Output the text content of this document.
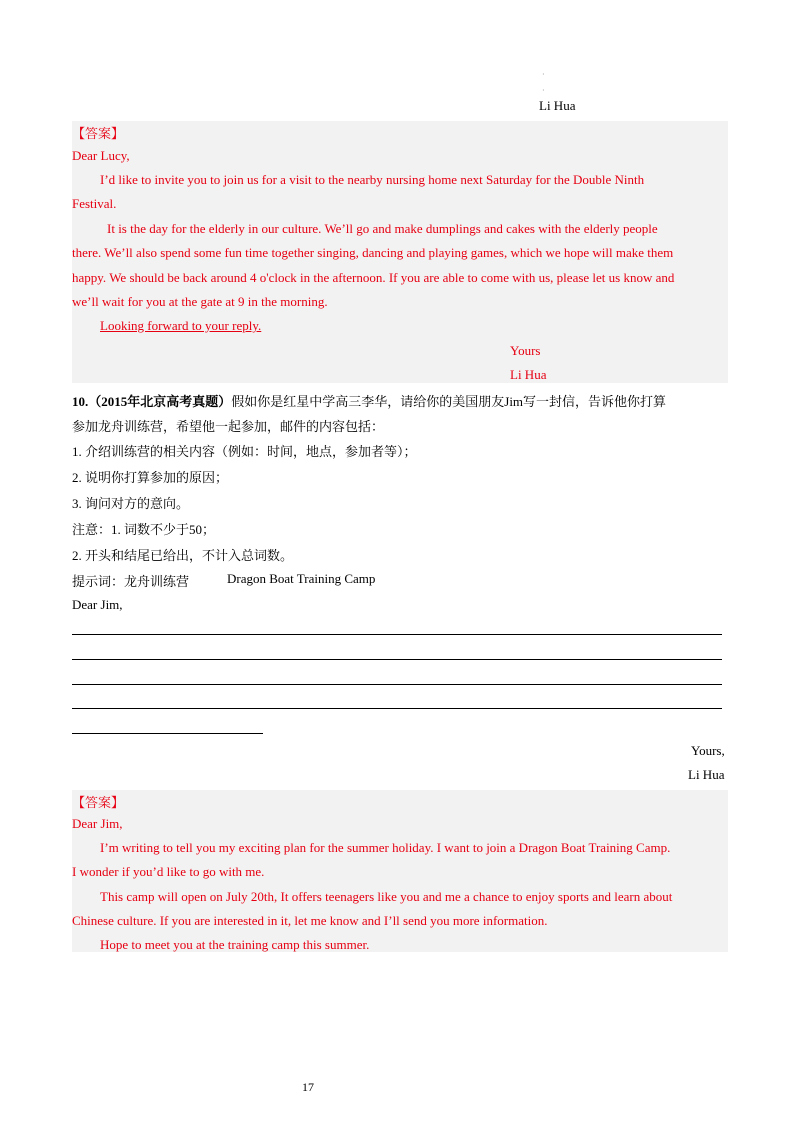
·
·
Li Hua
【答案】
Dear Lucy,
I’d like to invite you to join us for a visit to the nearby nursing home next Saturday for the Double Ninth
Festival.
It is the day for the elderly in our culture. We’ll go and make dumplings and cakes with the elderly people
there. We’ll also spend some fun time together singing, dancing and playing games, which we hope will make them
happy. We should be back around 4 o'clock in the afternoon. If you are able to come with us, please let us know and
we’ll wait for you at the gate at 9 in the morning.
Looking forward to your reply.
Yours
Li Hua
10.（2015年北京高考真题）假如你是红星中学高三李华，请给你的美国朋友Jim写一封信，告诉他你打算
参加龙舟训练营，希望他一起参加，邮件的内容包括：
1. 介绍训练营的相关内容（例如：时间，地点，参加者等）；
2. 说明你打算参加的原因；
3. 询问对方的意向。
注意：1. 词数不少于50；
2. 开头和结尾已给出，不计入总词数。
提示词：龙舟训练营	Dragon Boat Training Camp
Dear Jim,
Yours,
Li Hua
【答案】
Dear Jim,
I’m writing to tell you my exciting plan for the summer holiday. I want to join a Dragon Boat Training Camp.
I wonder if you’d like to go with me.
This camp will open on July 20th, It offers teenagers like you and me a chance to enjoy sports and learn about
Chinese culture. If you are interested in it, let me know and I’ll send you more information.
Hope to meet you at the training camp this summer.
17
